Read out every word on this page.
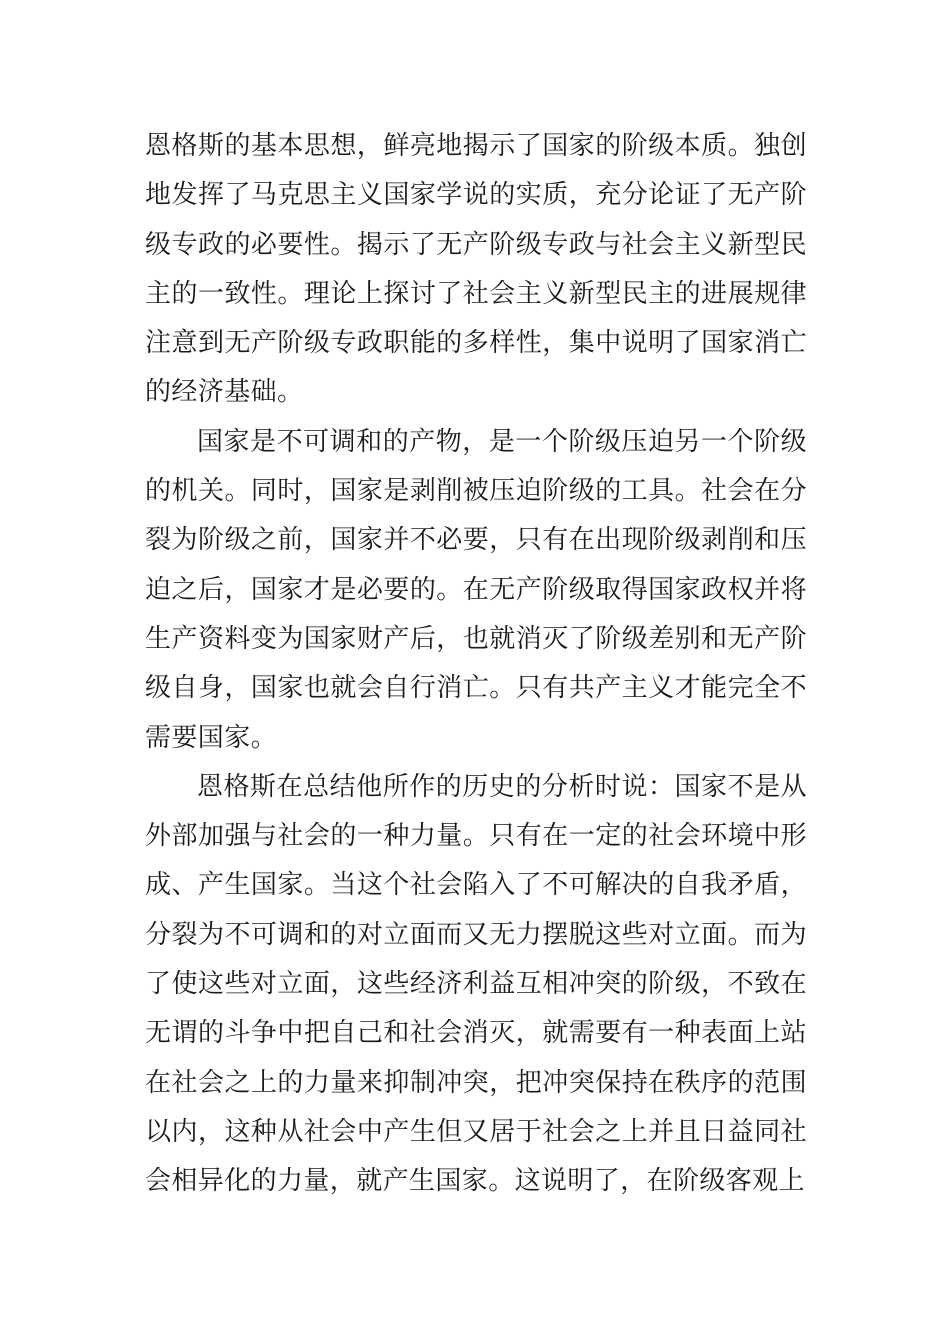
恩格斯的基本思想，鲜亮地揭示了国家的阶级本质。独创地发挥了马克思主义国家学说的实质，充分论证了无产阶级专政的必要性。揭示了无产阶级专政与社会主义新型民主的一致性。理论上探讨了社会主义新型民主的进展规律注意到无产阶级专政职能的多样性，集中说明了国家消亡的经济基础。

国家是不可调和的产物，是一个阶级压迫另一个阶级的机关。同时，国家是剥削被压迫阶级的工具。社会在分裂为阶级之前，国家并不必要，只有在出现阶级剥削和压迫之后，国家才是必要的。在无产阶级取得国家政权并将生产资料变为国家财产后，也就消灭了阶级差别和无产阶级自身，国家也就会自行消亡。只有共产主义才能完全不需要国家。

恩格斯在总结他所作的历史的分析时说：国家不是从外部加强与社会的一种力量。只有在一定的社会环境中形成、产生国家。当这个社会陷入了不可解决的自我矛盾，分裂为不可调和的对立面而又无力摆脱这些对立面。而为了使这些对立面，这些经济利益互相冲突的阶级，不致在无谓的斗争中把自己和社会消灭，就需要有一种表面上站在社会之上的力量来抑制冲突，把冲突保持在秩序的范围以内，这种从社会中产生但又居于社会之上并且日益同社会相异化的力量，就产生国家。这说明了，在阶级客观上
